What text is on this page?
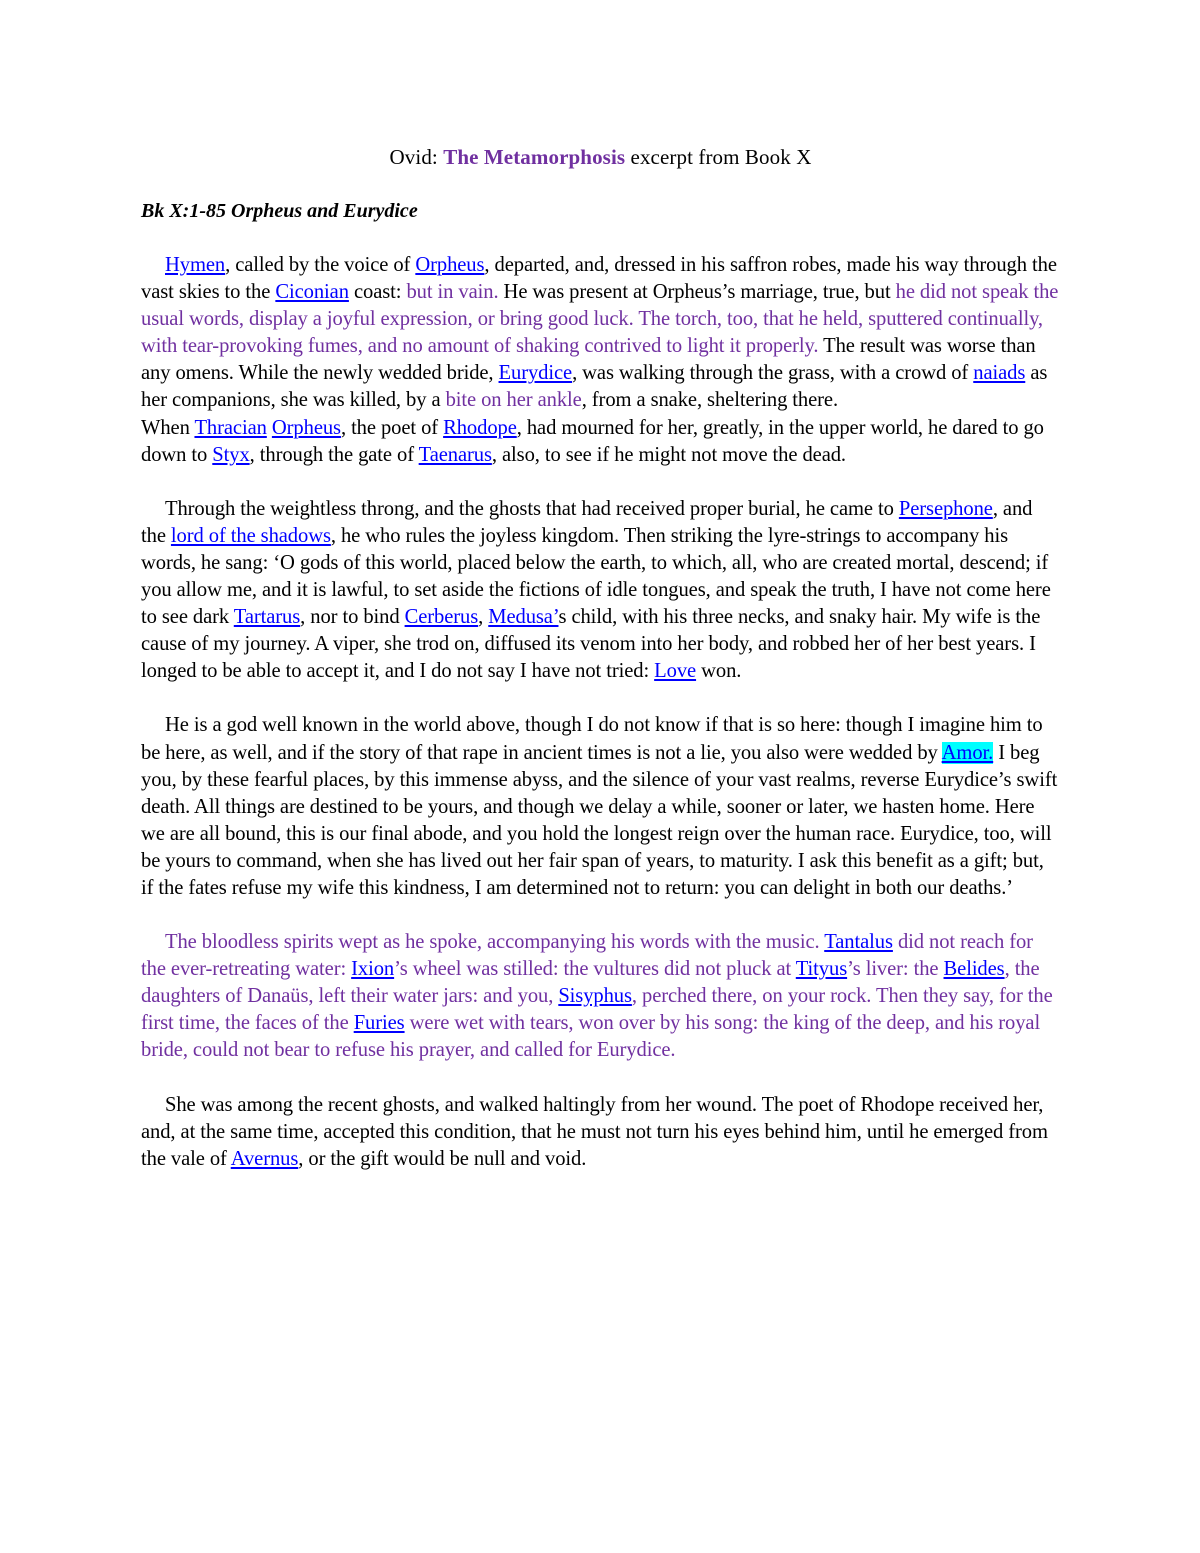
Ovid: The Metamorphosis excerpt from Book X

Bk X:1-85 Orpheus and Eurydice

Hymen, called by the voice of Orpheus, departed, and, dressed in his saffron robes, made his way through the vast skies to the Ciconian coast: but in vain. He was present at Orpheus’s marriage, true, but he did not speak the usual words, display a joyful expression, or bring good luck. The torch, too, that he held, sputtered continually, with tear-provoking fumes, and no amount of shaking contrived to light it properly. The result was worse than any omens. While the newly wedded bride, Eurydice, was walking through the grass, with a crowd of naiads as her companions, she was killed, by a bite on her ankle, from a snake, sheltering there.

When Thracian Orpheus, the poet of Rhodope, had mourned for her, greatly, in the upper world, he dared to go down to Styx, through the gate of Taenarus, also, to see if he might not move the dead.

Through the weightless throng, and the ghosts that had received proper burial, he came to Persephone, and the lord of the shadows, he who rules the joyless kingdom. Then striking the lyre-strings to accompany his words, he sang: ‘O gods of this world, placed below the earth, to which, all, who are created mortal, descend; if you allow me, and it is lawful, to set aside the fictions of idle tongues, and speak the truth, I have not come here to see dark Tartarus, nor to bind Cerberus, Medusa’s child, with his three necks, and snaky hair. My wife is the cause of my journey. A viper, she trod on, diffused its venom into her body, and robbed her of her best years. I longed to be able to accept it, and I do not say I have not tried: Love won.

He is a god well known in the world above, though I do not know if that is so here: though I imagine him to be here, as well, and if the story of that rape in ancient times is not a lie, you also were wedded by Amor. I beg you, by these fearful places, by this immense abyss, and the silence of your vast realms, reverse Eurydice’s swift death. All things are destined to be yours, and though we delay a while, sooner or later, we hasten home. Here we are all bound, this is our final abode, and you hold the longest reign over the human race. Eurydice, too, will be yours to command, when she has lived out her fair span of years, to maturity. I ask this benefit as a gift; but, if the fates refuse my wife this kindness, I am determined not to return: you can delight in both our deaths.’

The bloodless spirits wept as he spoke, accompanying his words with the music. Tantalus did not reach for the ever-retreating water: Ixion’s wheel was stilled: the vultures did not pluck at Tityus’s liver: the Belides, the daughters of Danaüs, left their water jars: and you, Sisyphus, perched there, on your rock. Then they say, for the first time, the faces of the Furies were wet with tears, won over by his song: the king of the deep, and his royal bride, could not bear to refuse his prayer, and called for Eurydice.

She was among the recent ghosts, and walked haltingly from her wound. The poet of Rhodope received her, and, at the same time, accepted this condition, that he must not turn his eyes behind him, until he emerged from the vale of Avernus, or the gift would be null and void.
